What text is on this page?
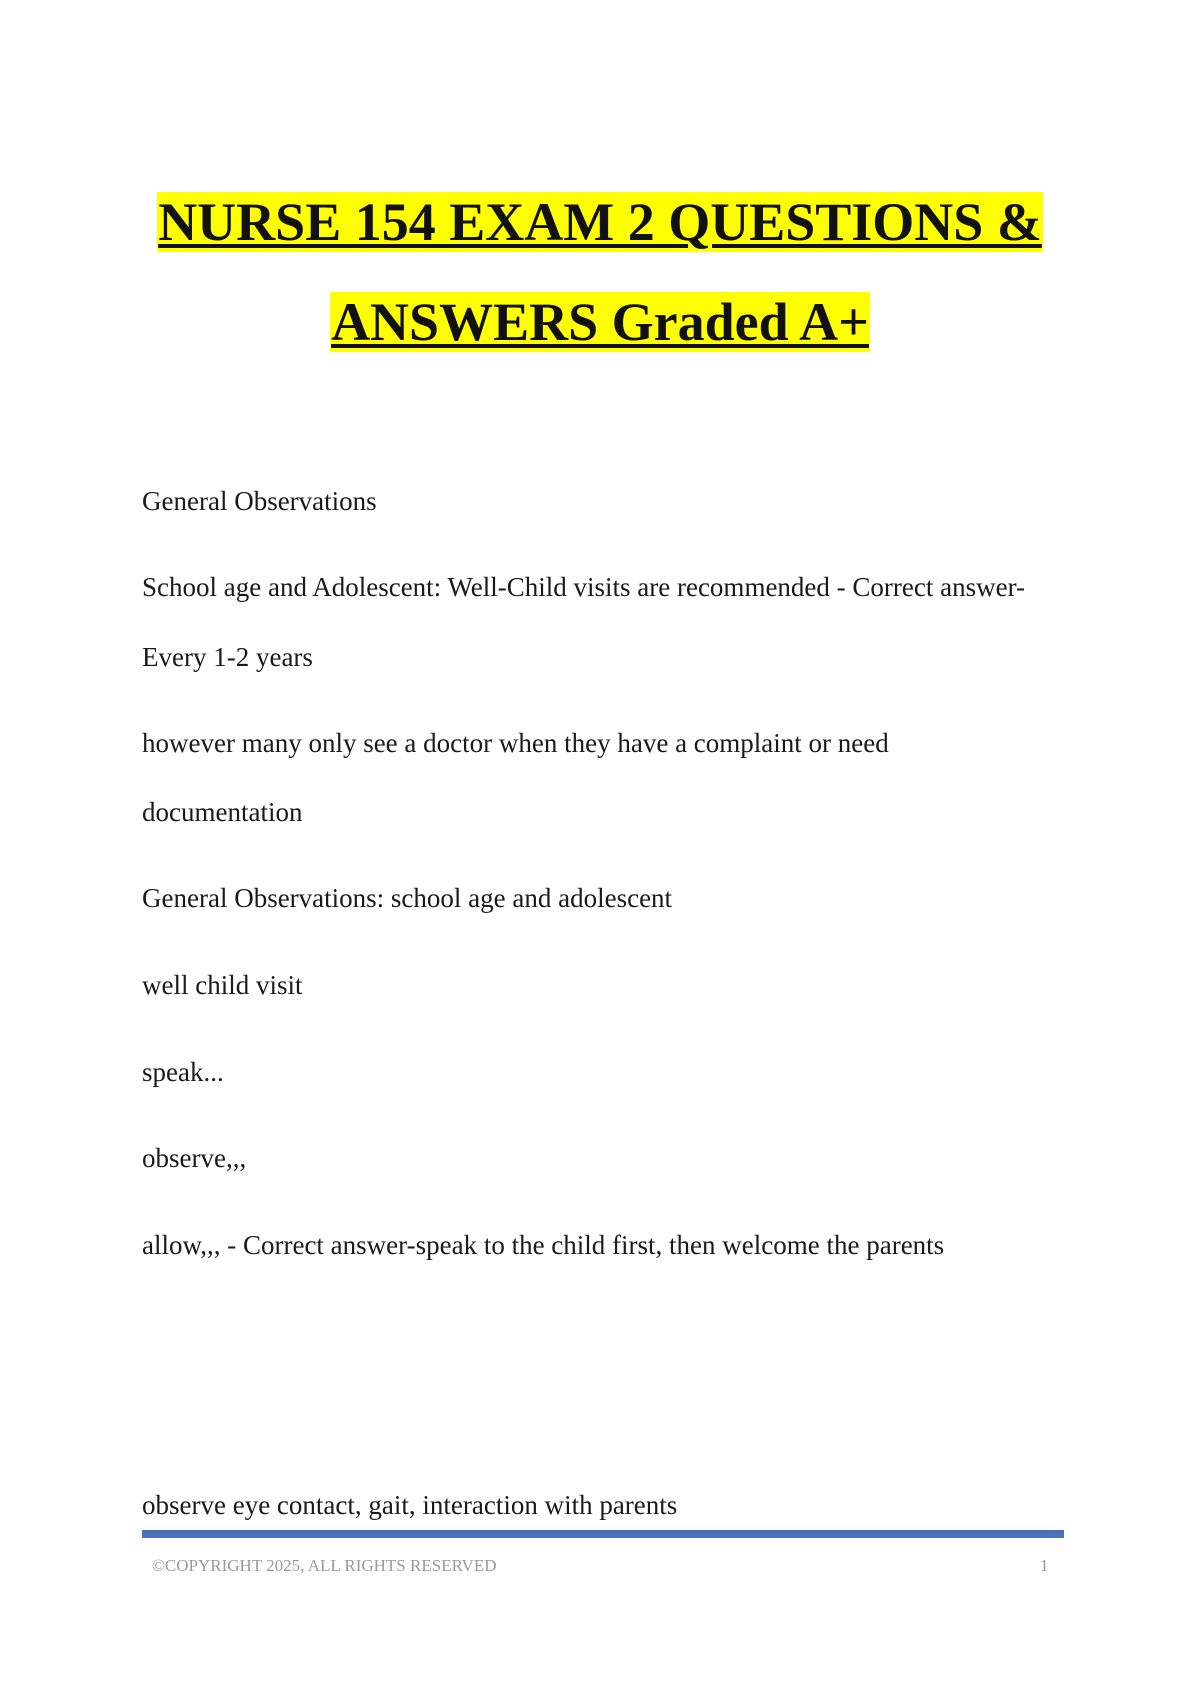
NURSE 154 EXAM 2 QUESTIONS &
ANSWERS Graded A+
General Observations
School age and Adolescent: Well-Child visits are recommended - Correct answer-
Every 1-2 years
however many only see a doctor when they have a complaint or need
documentation
General Observations: school age and adolescent
well child visit
speak...
observe,,,
allow,,, - Correct answer-speak to the child first, then welcome the parents
observe eye contact, gait, interaction with parents
©COPYRIGHT 2025, ALL RIGHTS RESERVED	1
